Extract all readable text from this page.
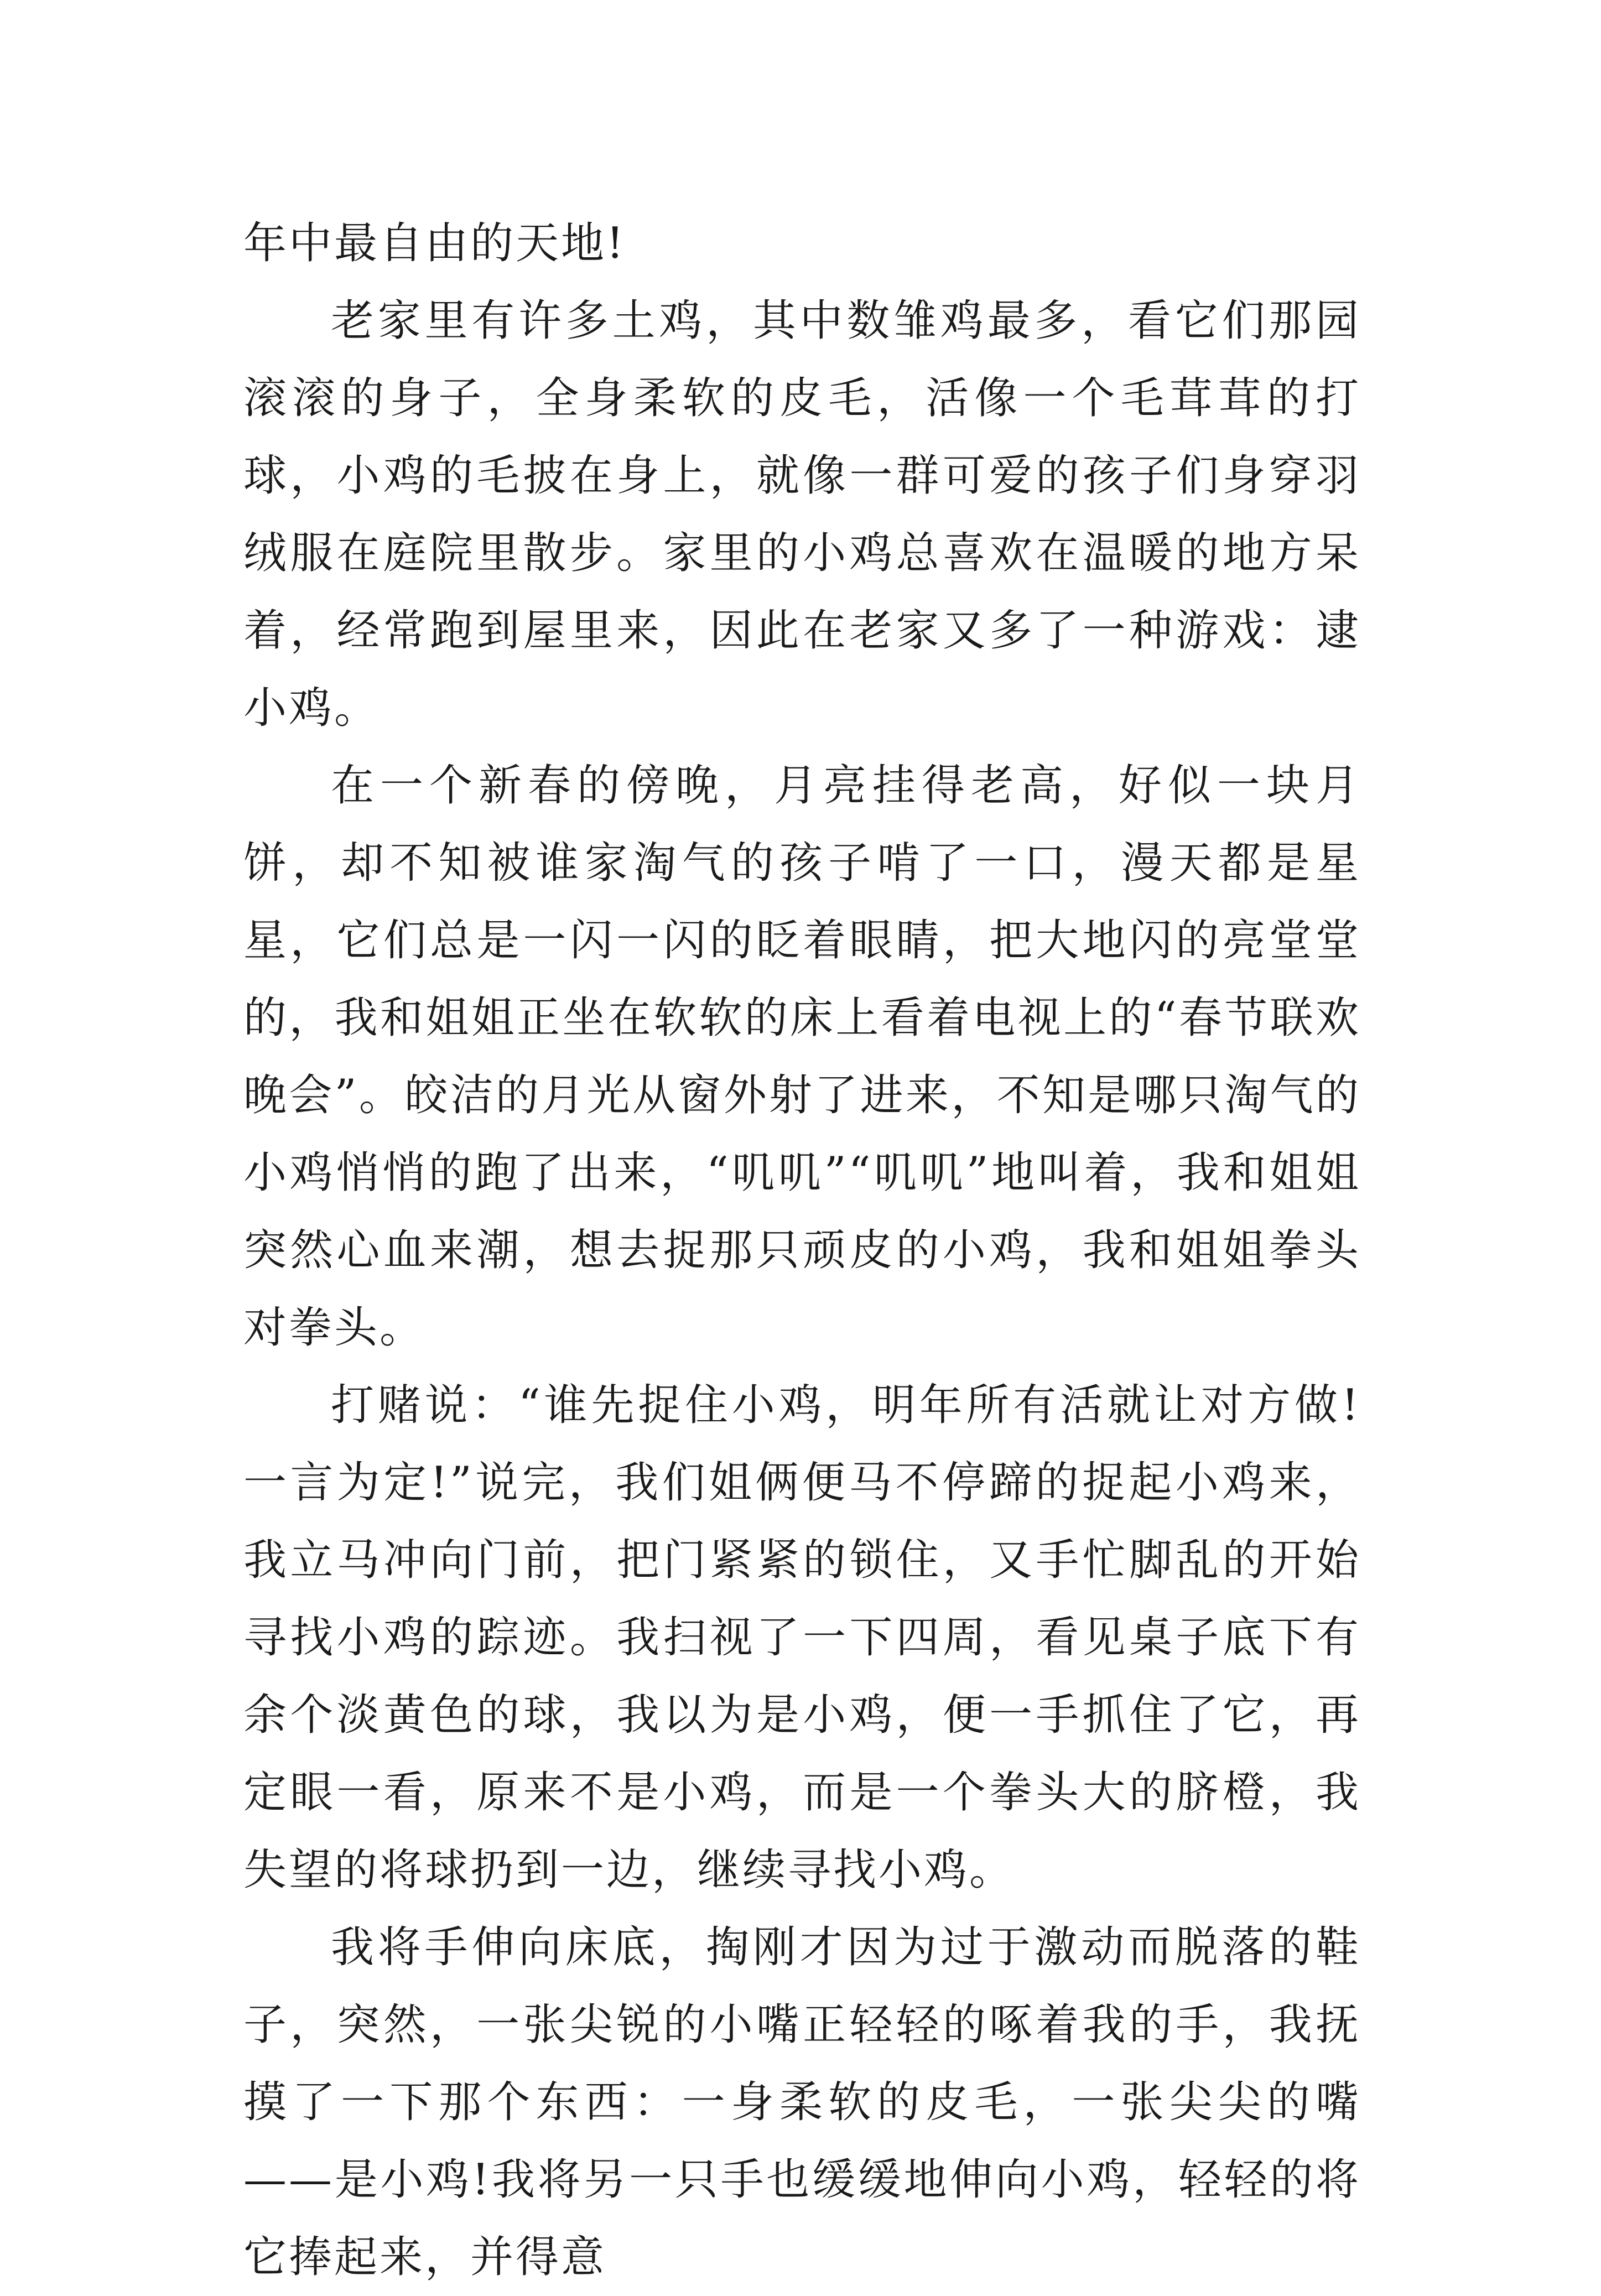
年中最自由的天地!

老家里有许多土鸡，其中数雏鸡最多，看它们那园滚滚的身子，全身柔软的皮毛，活像一个毛茸茸的打球，小鸡的毛披在身上，就像一群可爱的孩子们身穿羽绒服在庭院里散步。家里的小鸡总喜欢在温暖的地方呆着，经常跑到屋里来，因此在老家又多了一种游戏：逮小鸡。

在一个新春的傍晚，月亮挂得老高，好似一块月饼，却不知被谁家淘气的孩子啃了一口，漫天都是星星，它们总是一闪一闪的眨着眼睛，把大地闪的亮堂堂的，我和姐姐正坐在软软的床上看着电视上的“春节联欢晚会”。皎洁的月光从窗外射了进来，不知是哪只淘气的小鸡悄悄的跑了出来，“叽叽”“叽叽”地叫着，我和姐姐突然心血来潮，想去捉那只顽皮的小鸡，我和姐姐拳头对拳头。

打赌说：“谁先捉住小鸡，明年所有活就让对方做!一言为定!”说完，我们姐俩便马不停蹄的捉起小鸡来，我立马冲向门前，把门紧紧的锁住，又手忙脚乱的开始寻找小鸡的踪迹。我扫视了一下四周，看见桌子底下有余个淡黄色的球，我以为是小鸡，便一手抓住了它，再定眼一看，原来不是小鸡，而是一个拳头大的脐橙，我失望的将球扔到一边，继续寻找小鸡。

我将手伸向床底，掏刚才因为过于激动而脱落的鞋子，突然，一张尖锐的小嘴正轻轻的啄着我的手，我抚摸了一下那个东西：一身柔软的皮毛，一张尖尖的嘴——是小鸡!我将另一只手也缓缓地伸向小鸡，轻轻的将它捧起来，并得意
